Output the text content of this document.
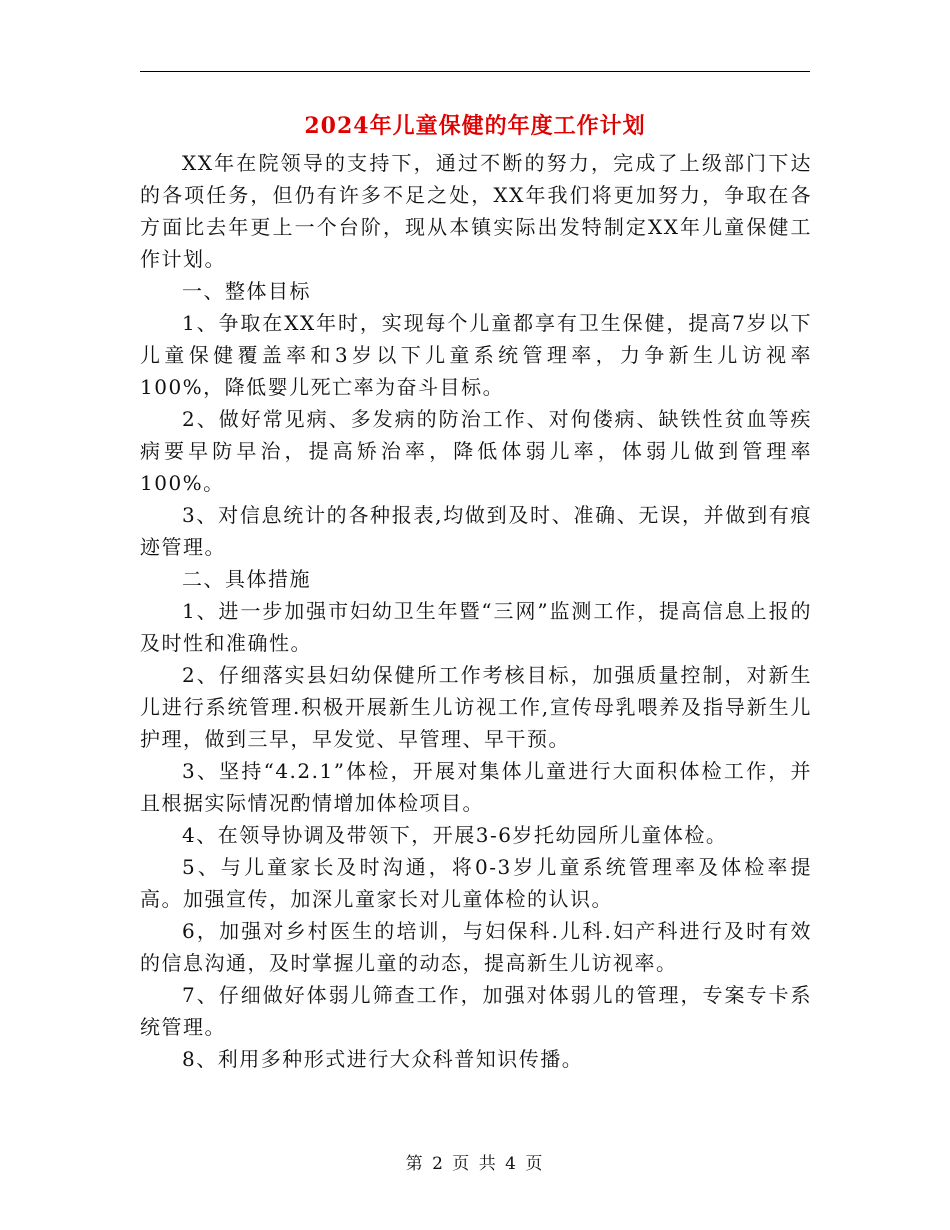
2024年儿童保健的年度工作计划

XX年在院领导的支持下，通过不断的努力，完成了上级部门下达的各项任务，但仍有许多不足之处，XX年我们将更加努力，争取在各方面比去年更上一个台阶，现从本镇实际出发特制定XX年儿童保健工作计划。

一、整体目标

1、争取在XX年时，实现每个儿童都享有卫生保健，提高7岁以下儿童保健覆盖率和3岁以下儿童系统管理率，力争新生儿访视率100%，降低婴儿死亡率为奋斗目标。

2、做好常见病、多发病的防治工作、对佝偻病、缺铁性贫血等疾病要早防早治，提高矫治率，降低体弱儿率，体弱儿做到管理率100%。

3、对信息统计的各种报表,均做到及时、准确、无误，并做到有痕迹管理。

二、具体措施

1、进一步加强市妇幼卫生年暨“三网”监测工作，提高信息上报的及时性和准确性。

2、仔细落实县妇幼保健所工作考核目标，加强质量控制，对新生儿进行系统管理.积极开展新生儿访视工作,宣传母乳喂养及指导新生儿护理，做到三早，早发觉、早管理、早干预。

3、坚持“4.2.1”体检，开展对集体儿童进行大面积体检工作，并且根据实际情况酌情增加体检项目。

4、在领导协调及带领下，开展3-6岁托幼园所儿童体检。

5、与儿童家长及时沟通，将0-3岁儿童系统管理率及体检率提高。加强宣传，加深儿童家长对儿童体检的认识。

6，加强对乡村医生的培训，与妇保科.儿科.妇产科进行及时有效的信息沟通，及时掌握儿童的动态，提高新生儿访视率。

7、仔细做好体弱儿筛查工作，加强对体弱儿的管理，专案专卡系统管理。

8、利用多种形式进行大众科普知识传播。

第 2 页 共 4 页
